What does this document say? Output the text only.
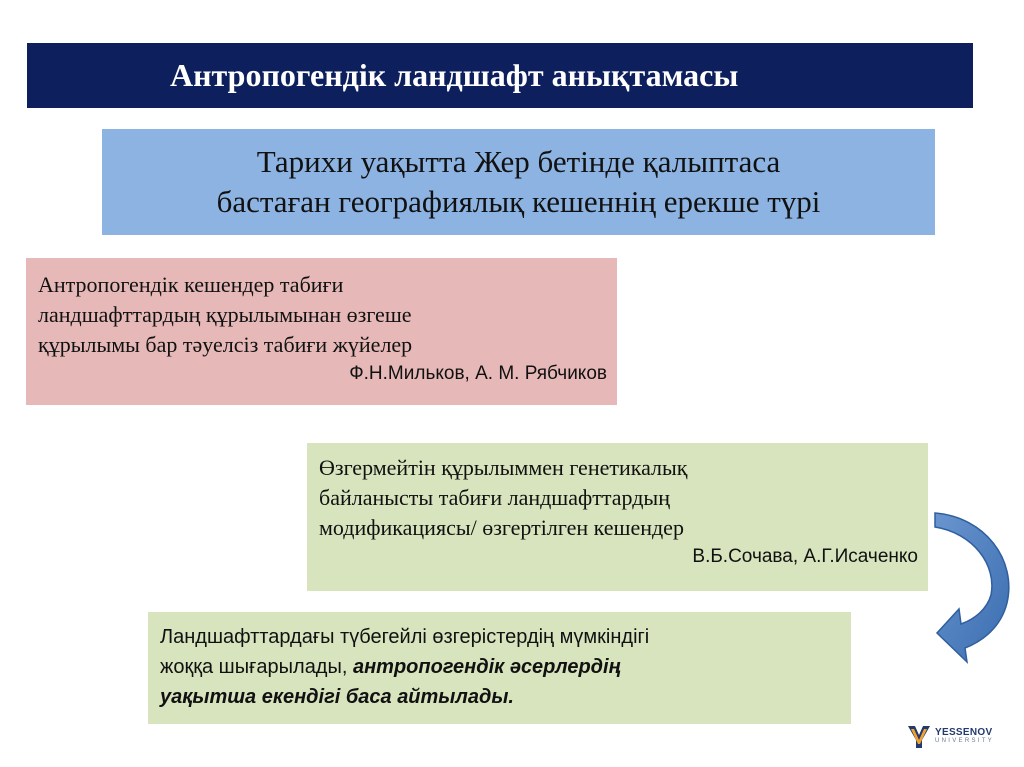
Антропогендік ландшафт анықтамасы
Тарихи уақытта Жер бетінде қалыптаса
бастаған географиялық кешеннің ерекше түрі
Антропогендік кешендер табиғи
ландшафттардың құрылымынан өзгеше
құрылымы бар тәуелсіз табиғи жүйелер
Ф.Н.Мильков, А. М. Рябчиков
Өзгермейтін құрылыммен генетикалық
байланысты табиғи ландшафттардың
модификациясы/ өзгертілген кешендер
В.Б.Сочава, А.Г.Исаченко
Ландшафттардағы түбегейлі өзгерістердің мүмкіндігі
жоққа шығарылады, антропогендік әсерлердің
уақытша екендігі баса айтылады.
YESSENOV
UNIVERSITY
